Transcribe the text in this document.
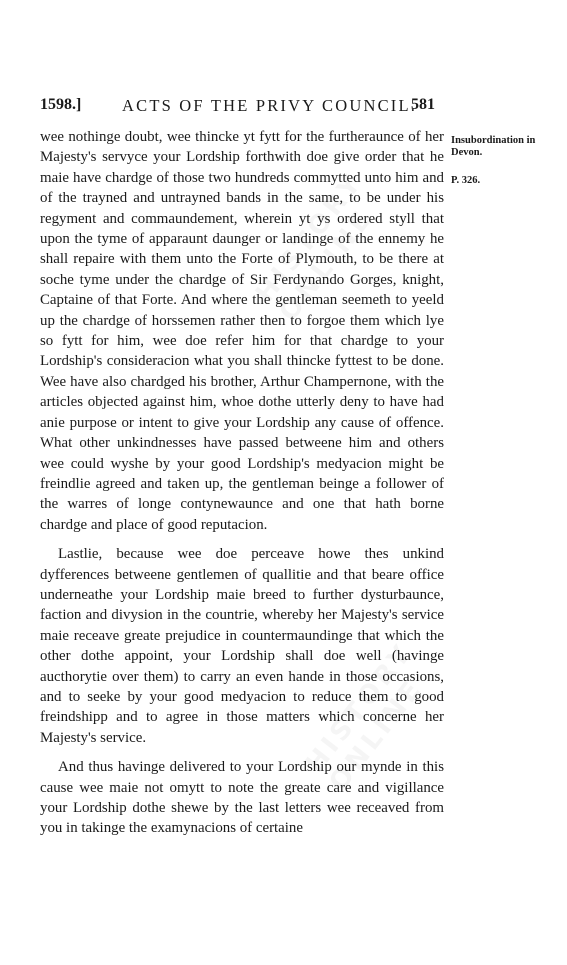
1598.] ACTS OF THE PRIVY COUNCIL.
581
Insubordination in Devon.
P. 326.

wee nothinge doubt, wee thincke yt fytt for the furtheraunce of her Majesty's servyce your Lordship forthwith doe give order that he maie have chardge of those two hundreds commytted unto him and of the trayned and untrayned bands in the same, to be under his regyment and commaundement, wherein yt ys ordered styll that upon the tyme of apparaunt daunger or landinge of the ennemy he shall repaire with them unto the Forte of Plymouth, to be there at soche tyme under the chardge of Sir Ferdynando Gorges, knight, Captaine of that Forte. And where the gentleman seemeth to yeeld up the chardge of horssemen rather then to forgoe them which lye so fytt for him, wee doe refer him for that chardge to your Lordship's consideracion what you shall thincke fyttest to be done. Wee have also chardged his brother, Arthur Champernone, with the articles objected against him, whoe dothe utterly deny to have had anie purpose or intent to give your Lordship any cause of offence. What other unkindnesses have passed betweene him and others wee could wyshe by your good Lordship's medyacion might be freindlie agreed and taken up, the gentleman beinge a follower of the warres of longe contynewaunce and one that hath borne chardge and place of good reputacion.

Lastlie, because wee doe perceave howe thes unkind dyfferences betweene gentlemen of quallitie and that beare office underneathe your Lordship maie breed to further dysturbaunce, faction and divysion in the countrie, whereby her Majesty's service maie receave greate prejudice in countermaundinge that which the other dothe appoint, your Lordship shall doe well (havinge aucthorytie over them) to carry an even hande in those occasions, and to seeke by your good medyacion to reduce them to good freindshipp and to agree in those matters which concerne her Majesty's service.

And thus havinge delivered to your Lordship our mynde in this cause wee maie not omytt to note the greate care and vigillance your Lordship dothe shewe by the last letters wee receaved from you in takinge the examynacions of certaine
